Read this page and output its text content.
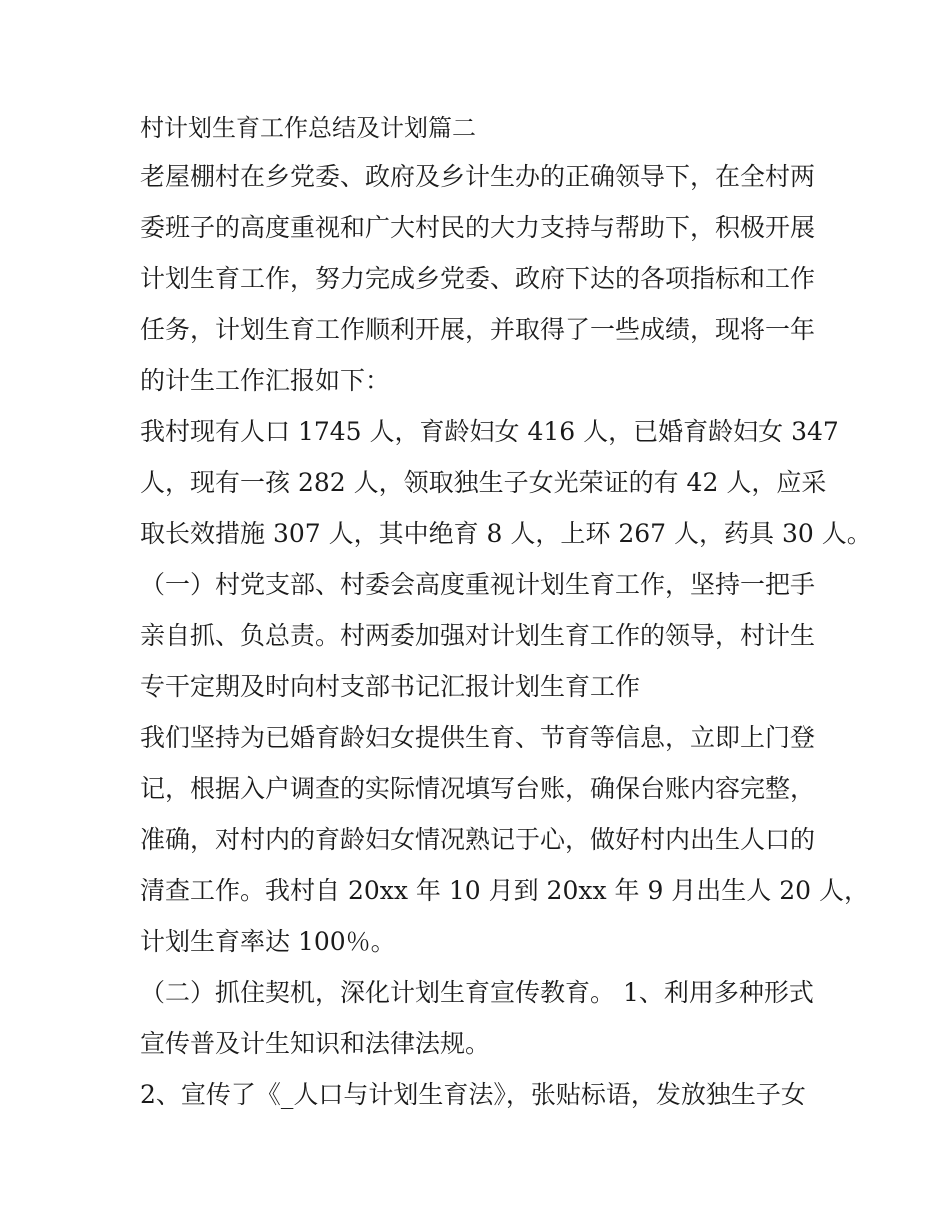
村计划生育工作总结及计划篇二
老屋棚村在乡党委、政府及乡计生办的正确领导下，在全村两
委班子的高度重视和广大村民的大力支持与帮助下，积极开展
计划生育工作，努力完成乡党委、政府下达的各项指标和工作
任务，计划生育工作顺利开展，并取得了一些成绩，现将一年
的计生工作汇报如下：
我村现有人口 1745 人，育龄妇女 416 人，已婚育龄妇女 347
人，现有一孩 282 人，领取独生子女光荣证的有 42 人，应采
取长效措施 307 人，其中绝育 8 人，上环 267 人，药具 30 人。
（一）村党支部、村委会高度重视计划生育工作，坚持一把手
亲自抓、负总责。村两委加强对计划生育工作的领导，村计生
专干定期及时向村支部书记汇报计划生育工作
我们坚持为已婚育龄妇女提供生育、节育等信息，立即上门登
记，根据入户调查的实际情况填写台账，确保台账内容完整，
准确，对村内的育龄妇女情况熟记于心，做好村内出生人口的
清查工作。我村自 20xx 年 10 月到 20xx 年 9 月出生人 20 人，
计划生育率达 100％。
（二）抓住契机，深化计划生育宣传教育。 1、利用多种形式
宣传普及计生知识和法律法规。
2、宣传了《_人口与计划生育法》，张贴标语，发放独生子女
